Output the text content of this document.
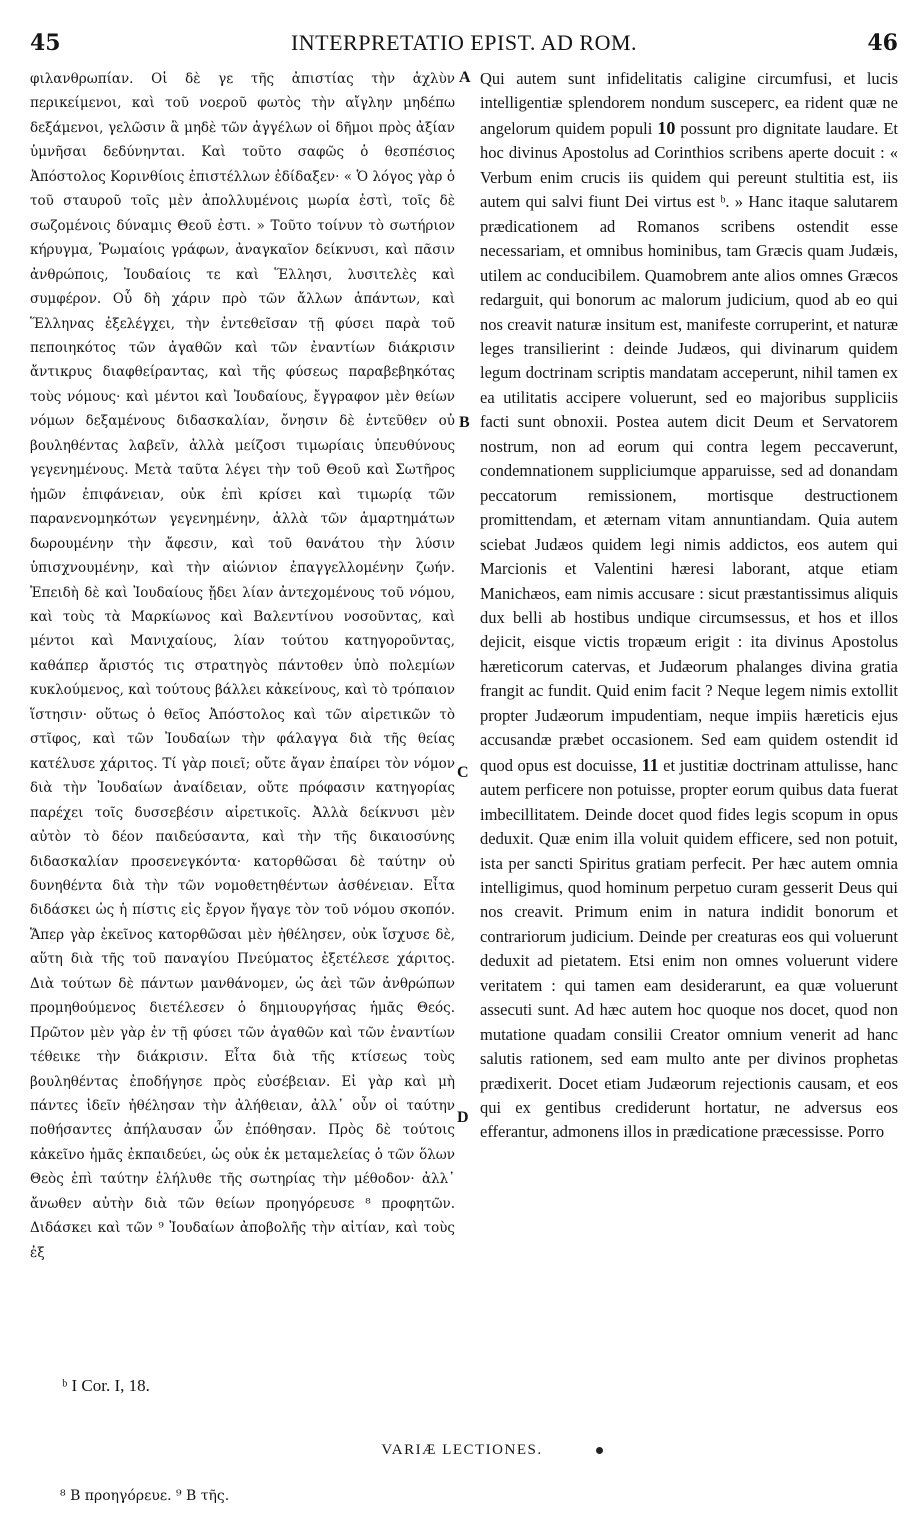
45	INTERPRETATIO EPIST. AD ROM.	46
φιλανθρωπίαν. Οἱ δὲ γε τῆς ἀπιστίας τὴν ἀχλὺν περικείμενοι, καὶ τοῦ νοεροῦ φωτὸς τὴν αἴγλην μηδέπω δεξάμενοι, γελῶσιν ἃ μηδὲ τῶν ἀγγέλων οἱ δῆμοι πρὸς ἀξίαν ὑμνῆσαι δεδύνηνται. Καὶ τοῦτο σαφῶς ὁ θεσπέσιος Ἀπόστολος Κορινθίοις ἐπιστέλλων ἐδίδαξεν· « Ὁ λόγος γὰρ ὁ τοῦ σταυροῦ τοῖς μὲν ἀπολλυμένοις μωρία ἐστὶ, τοῖς δὲ σωζομένοις δύναμις Θεοῦ ἐστι. » Τοῦτο τοίνυν τὸ σωτήριον κήρυγμα, Ῥωμαίοις γράφων, ἀναγκαῖον δείκνυσι, καὶ πᾶσιν ἀνθρώποις, Ἰουδαίοις τε καὶ Ἕλλησι, λυσιτελὲς καὶ συμφέρον. Οὗ δὴ χάριν πρὸ τῶν ἄλλων ἁπάντων, καὶ Ἕλληνας ἐξελέγχει, τὴν ἐντεθεῖσαν τῇ φύσει παρὰ τοῦ πεποιηκότος τῶν ἀγαθῶν καὶ τῶν ἐναντίων διάκρισιν ἄντικρυς διαφθείραντας, καὶ τῆς φύσεως παραβεβηκότας τοὺς νόμους· καὶ μέντοι καὶ Ἰουδαίους, ἔγγραφον μὲν θείων νόμων δεξαμένους διδασκαλίαν, ὄνησιν δὲ ἐντεῦθεν οὐ βουληθέντας λαβεῖν, ἀλλὰ μείζοσι τιμωρίαις ὑπευθύνους γεγενημένους. Μετὰ ταῦτα λέγει τὴν τοῦ Θεοῦ καὶ Σωτῆρος ἡμῶν ἐπιφάνειαν, οὐκ ἐπὶ κρίσει καὶ τιμωρίᾳ τῶν παρανενομηκότων γεγενημένην, ἀλλὰ τῶν ἁμαρτημάτων δωρουμένην τὴν ἄφεσιν, καὶ τοῦ θανάτου τὴν λύσιν ὑπισχνουμένην, καὶ τὴν αἰώνιον ἐπαγγελλομένην ζωήν. Ἐπειδὴ δὲ καὶ Ἰουδαίους ᾔδει λίαν ἀντεχομένους τοῦ νόμου, καὶ τοὺς τὰ Μαρκίωνος καὶ Βαλεντίνου νοσοῦντας, καὶ μέντοι καὶ Μανιχαίους, λίαν τούτου κατηγοροῦντας, καθάπερ ἄριστός τις στρατηγὸς πάντοθεν ὑπὸ πολεμίων κυκλούμενος, καὶ τούτους βάλλει κἀκείνους, καὶ τὸ τρόπαιον ἵστησιν· οὕτως ὁ θεῖος Ἀπόστολος καὶ τῶν αἱρετικῶν τὸ στῖφος, καὶ τῶν Ἰουδαίων τὴν φάλαγγα διὰ τῆς θείας κατέλυσε χάριτος. Τί γὰρ ποιεῖ; οὔτε ἄγαν ἐπαίρει τὸν νόμον διὰ τὴν Ἰουδαίων ἀναίδειαν, οὔτε πρόφασιν κατηγορίας παρέχει τοῖς δυσσεβέσιν αἱρετικοῖς. Ἀλλὰ δείκνυσι μὲν αὐτὸν τὸ δέον παιδεύσαντα, καὶ τὴν τῆς δικαιοσύνης διδασκαλίαν προσενεγκόντα· κατορθῶσαι δὲ ταύτην οὐ δυνηθέντα διὰ τὴν τῶν νομοθετηθέντων ἀσθένειαν. Εἶτα διδάσκει ὡς ἡ πίστις εἰς ἔργον ἤγαγε τὸν τοῦ νόμου σκοπόν. Ἅπερ γὰρ ἐκεῖνος κατορθῶσαι μὲν ἠθέλησεν, οὐκ ἴσχυσε δὲ, αὕτη διὰ τῆς τοῦ παναγίου Πνεύματος ἐξετέλεσε χάριτος. Διὰ τούτων δὲ πάντων μανθάνομεν, ὡς ἀεὶ τῶν ἀνθρώπων προμηθούμενος διετέλεσεν ὁ δημιουργήσας ἡμᾶς Θεός. Πρῶτον μὲν γὰρ ἐν τῇ φύσει τῶν ἀγαθῶν καὶ τῶν ἐναντίων τέθεικε τὴν διάκρισιν. Εἶτα διὰ τῆς κτίσεως τοὺς βουληθέντας ἐποδήγησε πρὸς εὐσέβειαν. Εἰ γὰρ καὶ μὴ πάντες ἰδεῖν ἠθέλησαν τὴν ἀλήθειαν, ἀλλ᾽ οὖν οἱ ταύτην ποθήσαντες ἀπήλαυσαν ὧν ἐπόθησαν. Πρὸς δὲ τούτοις κἀκεῖνο ἡμᾶς ἐκπαιδεύει, ὡς οὐκ ἐκ μεταμελείας ὁ τῶν ὅλων Θεὸς ἐπὶ ταύτην ἐλήλυθε τῆς σωτηρίας τὴν μέθοδον· ἀλλ᾽ ἄνωθεν αὐτὴν διὰ τῶν θείων προηγόρευσε ⁸ προφητῶν. Διδάσκει καὶ τῶν ⁹ Ἰουδαίων ἀποβολῆς τὴν αἰτίαν, καὶ τοὺς ἐξ
A
B
C
D
Qui autem sunt infidelitatis caligine circumfusi, et lucis intelligentiæ splendorem nondum susceperc, ea rident quæ ne angelorum quidem populi 10 possunt pro dignitate laudare. Et hoc divinus Apostolus ad Corinthios scribens aperte docuit : « Verbum enim crucis iis quidem qui pereunt stultitia est, iis autem qui salvi fiunt Dei virtus est ᵇ. » Hanc itaque salutarem prædicationem ad Romanos scribens ostendit esse necessariam, et omnibus hominibus, tam Græcis quam Judæis, utilem ac conducibilem. Quamobrem ante alios omnes Græcos redarguit, qui bonorum ac malorum judicium, quod ab eo qui nos creavit naturæ insitum est, manifeste corruperint, et naturæ leges transilierint : deinde Judæos, qui divinarum quidem legum doctrinam scriptis mandatam acceperunt, nihil tamen ex ea utilitatis accipere voluerunt, sed eo majoribus suppliciis facti sunt obnoxii. Postea autem dicit Deum et Servatorem nostrum, non ad eorum qui contra legem peccaverunt, condemnationem suppliciumque apparuisse, sed ad donandam peccatorum remissionem, mortisque destructionem promittendam, et æternam vitam annuntiandam. Quia autem sciebat Judæos quidem legi nimis addictos, eos autem qui Marcionis et Valentini hæresi laborant, atque etiam Manichæos, eam nimis accusare : sicut præstantissimus aliquis dux belli ab hostibus undique circumsessus, et hos et illos dejicit, eisque victis tropæum erigit : ita divinus Apostolus hæreticorum catervas, et Judæorum phalanges divina gratia frangit ac fundit. Quid enim facit ? Neque legem nimis extollit propter Judæorum impudentiam, neque impiis hæreticis ejus accusandæ præbet occasionem. Sed eam quidem ostendit id quod opus est docuisse, 11 et justitiæ doctrinam attulisse, hanc autem perficere non potuisse, propter eorum quibus data fuerat imbecillitatem. Deinde docet quod fides legis scopum in opus deduxit. Quæ enim illa voluit quidem efficere, sed non potuit, ista per sancti Spiritus gratiam perfecit. Per hæc autem omnia intelligimus, quod hominum perpetuo curam gesserit Deus qui nos creavit. Primum enim in natura indidit bonorum et contrariorum judicium. Deinde per creaturas eos qui voluerunt deduxit ad pietatem. Etsi enim non omnes voluerunt videre veritatem : qui tamen eam desiderarunt, ea quæ voluerunt assecuti sunt. Ad hæc autem hoc quoque nos docet, quod non mutatione quadam consilii Creator omnium venerit ad hanc salutis rationem, sed eam multo ante per divinos prophetas prædixerit. Docet etiam Judæorum rejectionis causam, et eos qui ex gentibus crediderunt hortatur, ne adversus eos efferantur, admonens illos in prædicatione præcessisse. Porro
ᵇ I Cor. I, 18.
VARIÆ LECTIONES.
⁸ B προηγόρευε. ⁹ B τῆς.
